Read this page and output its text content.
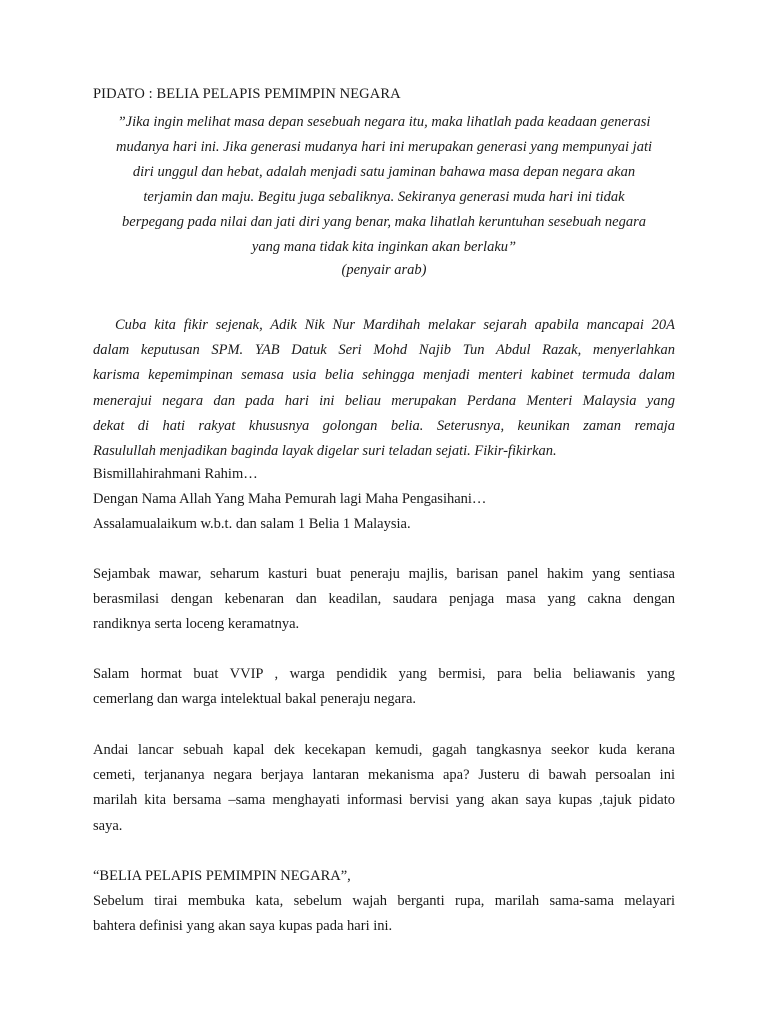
PIDATO : BELIA PELAPIS PEMIMPIN NEGARA
”Jika ingin melihat masa depan sesebuah negara itu, maka lihatlah pada keadaan generasi
mudanya hari ini. Jika generasi mudanya hari ini merupakan generasi yang mempunyai jati
diri unggul dan hebat, adalah menjadi satu jaminan bahawa masa depan negara akan
terjamin dan maju. Begitu juga sebaliknya. Sekiranya generasi muda hari ini tidak
berpegang pada nilai dan jati diri yang benar, maka lihatlah keruntuhan sesebuah negara
yang mana tidak kita inginkan akan berlaku”
(penyair arab)
Cuba kita fikir sejenak, Adik Nik Nur Mardihah melakar sejarah apabila mancapai 20A
dalam keputusan SPM. YAB Datuk Seri Mohd Najib Tun Abdul Razak, menyerlahkan
karisma kepemimpinan semasa usia belia sehingga menjadi menteri kabinet termuda dalam
menerajui negara dan pada hari ini beliau merupakan Perdana Menteri Malaysia yang
dekat di hati rakyat khususnya golongan belia. Seterusnya, keunikan zaman remaja
Rasulullah menjadikan baginda layak digelar suri teladan sejati. Fikir-fikirkan.
Bismillahirahmani Rahim…
Dengan Nama Allah Yang Maha Pemurah lagi Maha Pengasihani…
Assalamualaikum w.b.t. dan salam 1 Belia 1 Malaysia.
Sejambak mawar, seharum kasturi buat peneraju majlis, barisan panel hakim yang sentiasa
berasmilasi dengan kebenaran dan keadilan, saudara penjaga masa yang cakna dengan
randiknya serta loceng keramatnya.
Salam hormat buat VVIP , warga pendidik yang bermisi, para belia beliawanis yang
cemerlang dan warga intelektual bakal peneraju negara.
Andai lancar sebuah kapal dek kecekapan kemudi, gagah tangkasnya seekor kuda kerana
cemeti, terjananya negara berjaya lantaran mekanisma apa? Justeru di bawah persoalan ini
marilah kita bersama –sama menghayati informasi bervisi yang akan saya kupas ,tajuk pidato
saya.
“BELIA PELAPIS PEMIMPIN NEGARA”,
Sebelum tirai membuka kata, sebelum wajah berganti rupa, marilah sama-sama melayari
bahtera definisi yang akan saya kupas pada hari ini.
